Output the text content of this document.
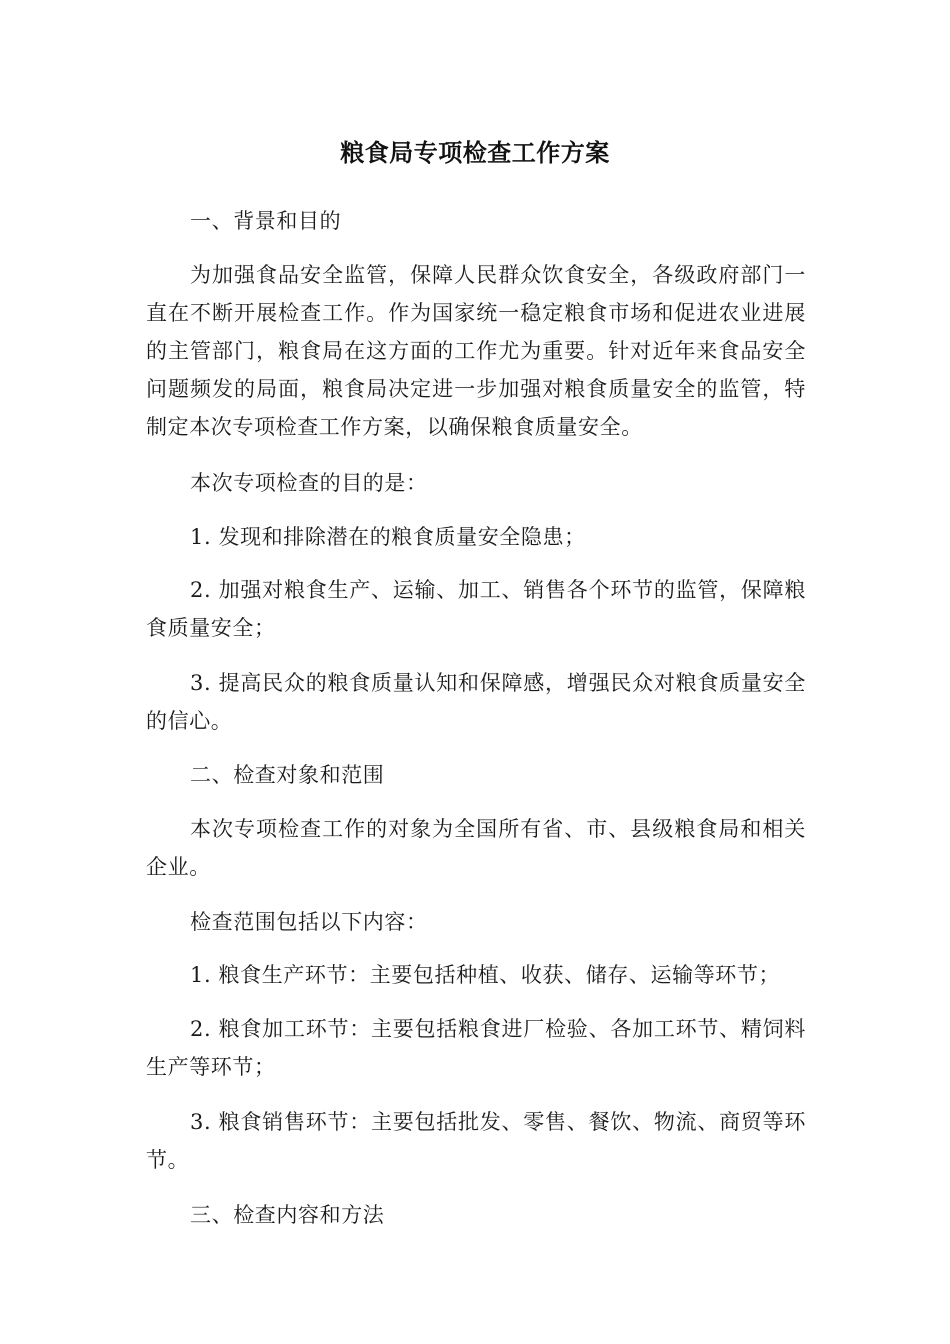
粮食局专项检查工作方案

一、背景和目的

为加强食品安全监管，保障人民群众饮食安全，各级政府部门一直在不断开展检查工作。作为国家统一稳定粮食市场和促进农业进展的主管部门，粮食局在这方面的工作尤为重要。针对近年来食品安全问题频发的局面，粮食局决定进一步加强对粮食质量安全的监管，特制定本次专项检查工作方案，以确保粮食质量安全。

本次专项检查的目的是：

1. 发现和排除潜在的粮食质量安全隐患；

2. 加强对粮食生产、运输、加工、销售各个环节的监管，保障粮食质量安全；

3. 提高民众的粮食质量认知和保障感，增强民众对粮食质量安全的信心。

二、检查对象和范围

本次专项检查工作的对象为全国所有省、市、县级粮食局和相关企业。

检查范围包括以下内容：

1. 粮食生产环节：主要包括种植、收获、储存、运输等环节；

2. 粮食加工环节：主要包括粮食进厂检验、各加工环节、精饲料生产等环节；

3. 粮食销售环节：主要包括批发、零售、餐饮、物流、商贸等环节。

三、检查内容和方法
